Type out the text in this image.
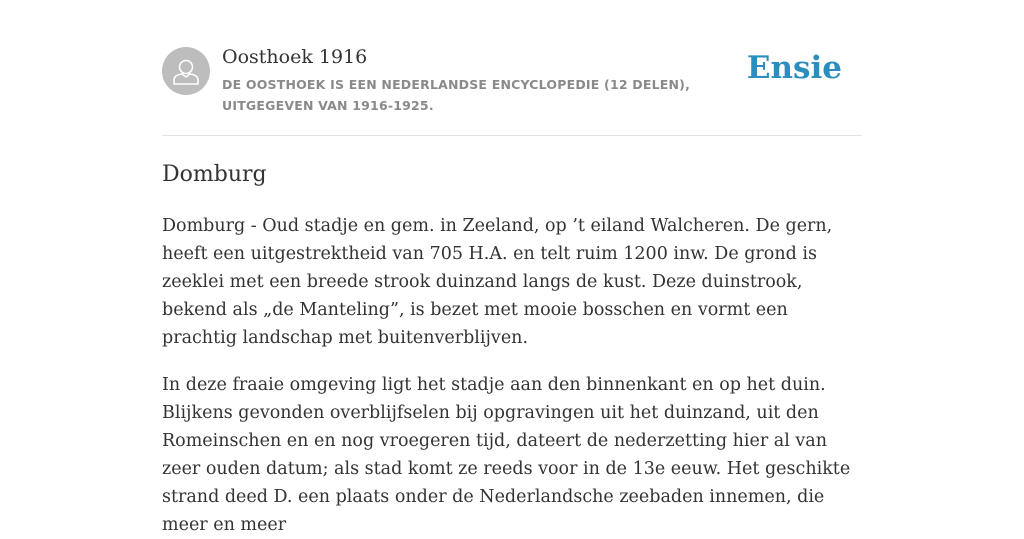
Oosthoek 1916
DE OOSTHOEK IS EEN NEDERLANDSE ENCYCLOPEDIE (12 DELEN), UITGEGEVEN VAN 1916-1925.
Ensie
Domburg

Domburg - Oud stadje en gem. in Zeeland, op ’t eiland Walcheren. De gern, heeft een uitgestrektheid van 705 H.A. en telt ruim 1200 inw. De grond is zeeklei met een breede strook duinzand langs de kust. Deze duinstrook, bekend als „de Manteling”, is bezet met mooie bosschen en vormt een prachtig landschap met buitenverblijven.

In deze fraaie omgeving ligt het stadje aan den binnenkant en op het duin. Blijkens gevonden overblijfselen bij opgravingen uit het duinzand, uit den Romeinschen en en nog vroegeren tijd, dateert de nederzetting hier al van zeer ouden datum; als stad komt ze reeds voor in de 13e eeuw. Het geschikte strand deed D. een plaats onder de Nederlandsche zeebaden innemen, die meer en meer
